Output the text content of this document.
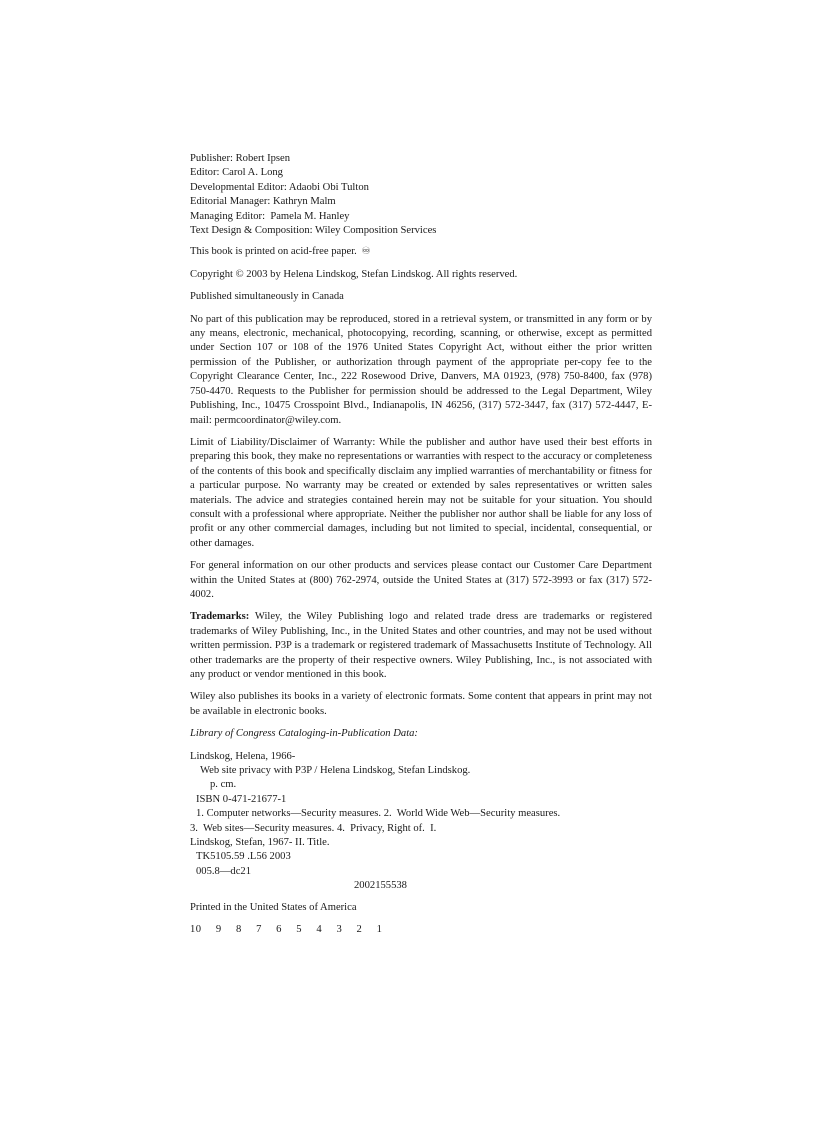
Publisher: Robert Ipsen
Editor: Carol A. Long
Developmental Editor: Adaobi Obi Tulton
Editorial Manager: Kathryn Malm
Managing Editor:  Pamela M. Hanley
Text Design & Composition: Wiley Composition Services

This book is printed on acid-free paper. ♾

Copyright © 2003 by Helena Lindskog, Stefan Lindskog. All rights reserved.

Published simultaneously in Canada

No part of this publication may be reproduced, stored in a retrieval system, or transmitted in any form or by any means, electronic, mechanical, photocopying, recording, scanning, or otherwise, except as permitted under Section 107 or 108 of the 1976 United States Copyright Act, without either the prior written permission of the Publisher, or authorization through payment of the appropriate per-copy fee to the Copyright Clearance Center, Inc., 222 Rosewood Drive, Danvers, MA 01923, (978) 750-8400, fax (978) 750-4470. Requests to the Publisher for permission should be addressed to the Legal Department, Wiley Publishing, Inc., 10475 Crosspoint Blvd., Indianapolis, IN 46256, (317) 572-3447, fax (317) 572-4447, E-mail: permcoordinator@wiley.com.

Limit of Liability/Disclaimer of Warranty: While the publisher and author have used their best efforts in preparing this book, they make no representations or warranties with respect to the accuracy or completeness of the contents of this book and specifically disclaim any implied warranties of merchantability or fitness for a particular purpose. No warranty may be created or extended by sales representatives or written sales materials. The advice and strategies contained herein may not be suitable for your situation. You should consult with a professional where appropriate. Neither the publisher nor author shall be liable for any loss of profit or any other commercial damages, including but not limited to special, incidental, consequential, or other damages.

For general information on our other products and services please contact our Customer Care Department within the United States at (800) 762-2974, outside the United States at (317) 572-3993 or fax (317) 572-4002.

Trademarks: Wiley, the Wiley Publishing logo and related trade dress are trademarks or registered trademarks of Wiley Publishing, Inc., in the United States and other countries, and may not be used without written permission. P3P is a trademark or registered trademark of Massachusetts Institute of Technology. All other trademarks are the property of their respective owners. Wiley Publishing, Inc., is not associated with any product or vendor mentioned in this book.

Wiley also publishes its books in a variety of electronic formats. Some content that appears in print may not be available in electronic books.

Library of Congress Cataloging-in-Publication Data:

Lindskog, Helena, 1966-
Web site privacy with P3P / Helena Lindskog, Stefan Lindskog.
p. cm.
ISBN 0-471-21677-1
1. Computer networks—Security measures. 2.  World Wide Web—Security measures.
3.  Web sites—Security measures. 4.  Privacy, Right of.  I.
Lindskog, Stefan, 1967- II. Title.
TK5105.59 .L56 2003
005.8—dc21
2002155538

Printed in the United States of America

10  9  8  7  6  5  4  3  2  1
